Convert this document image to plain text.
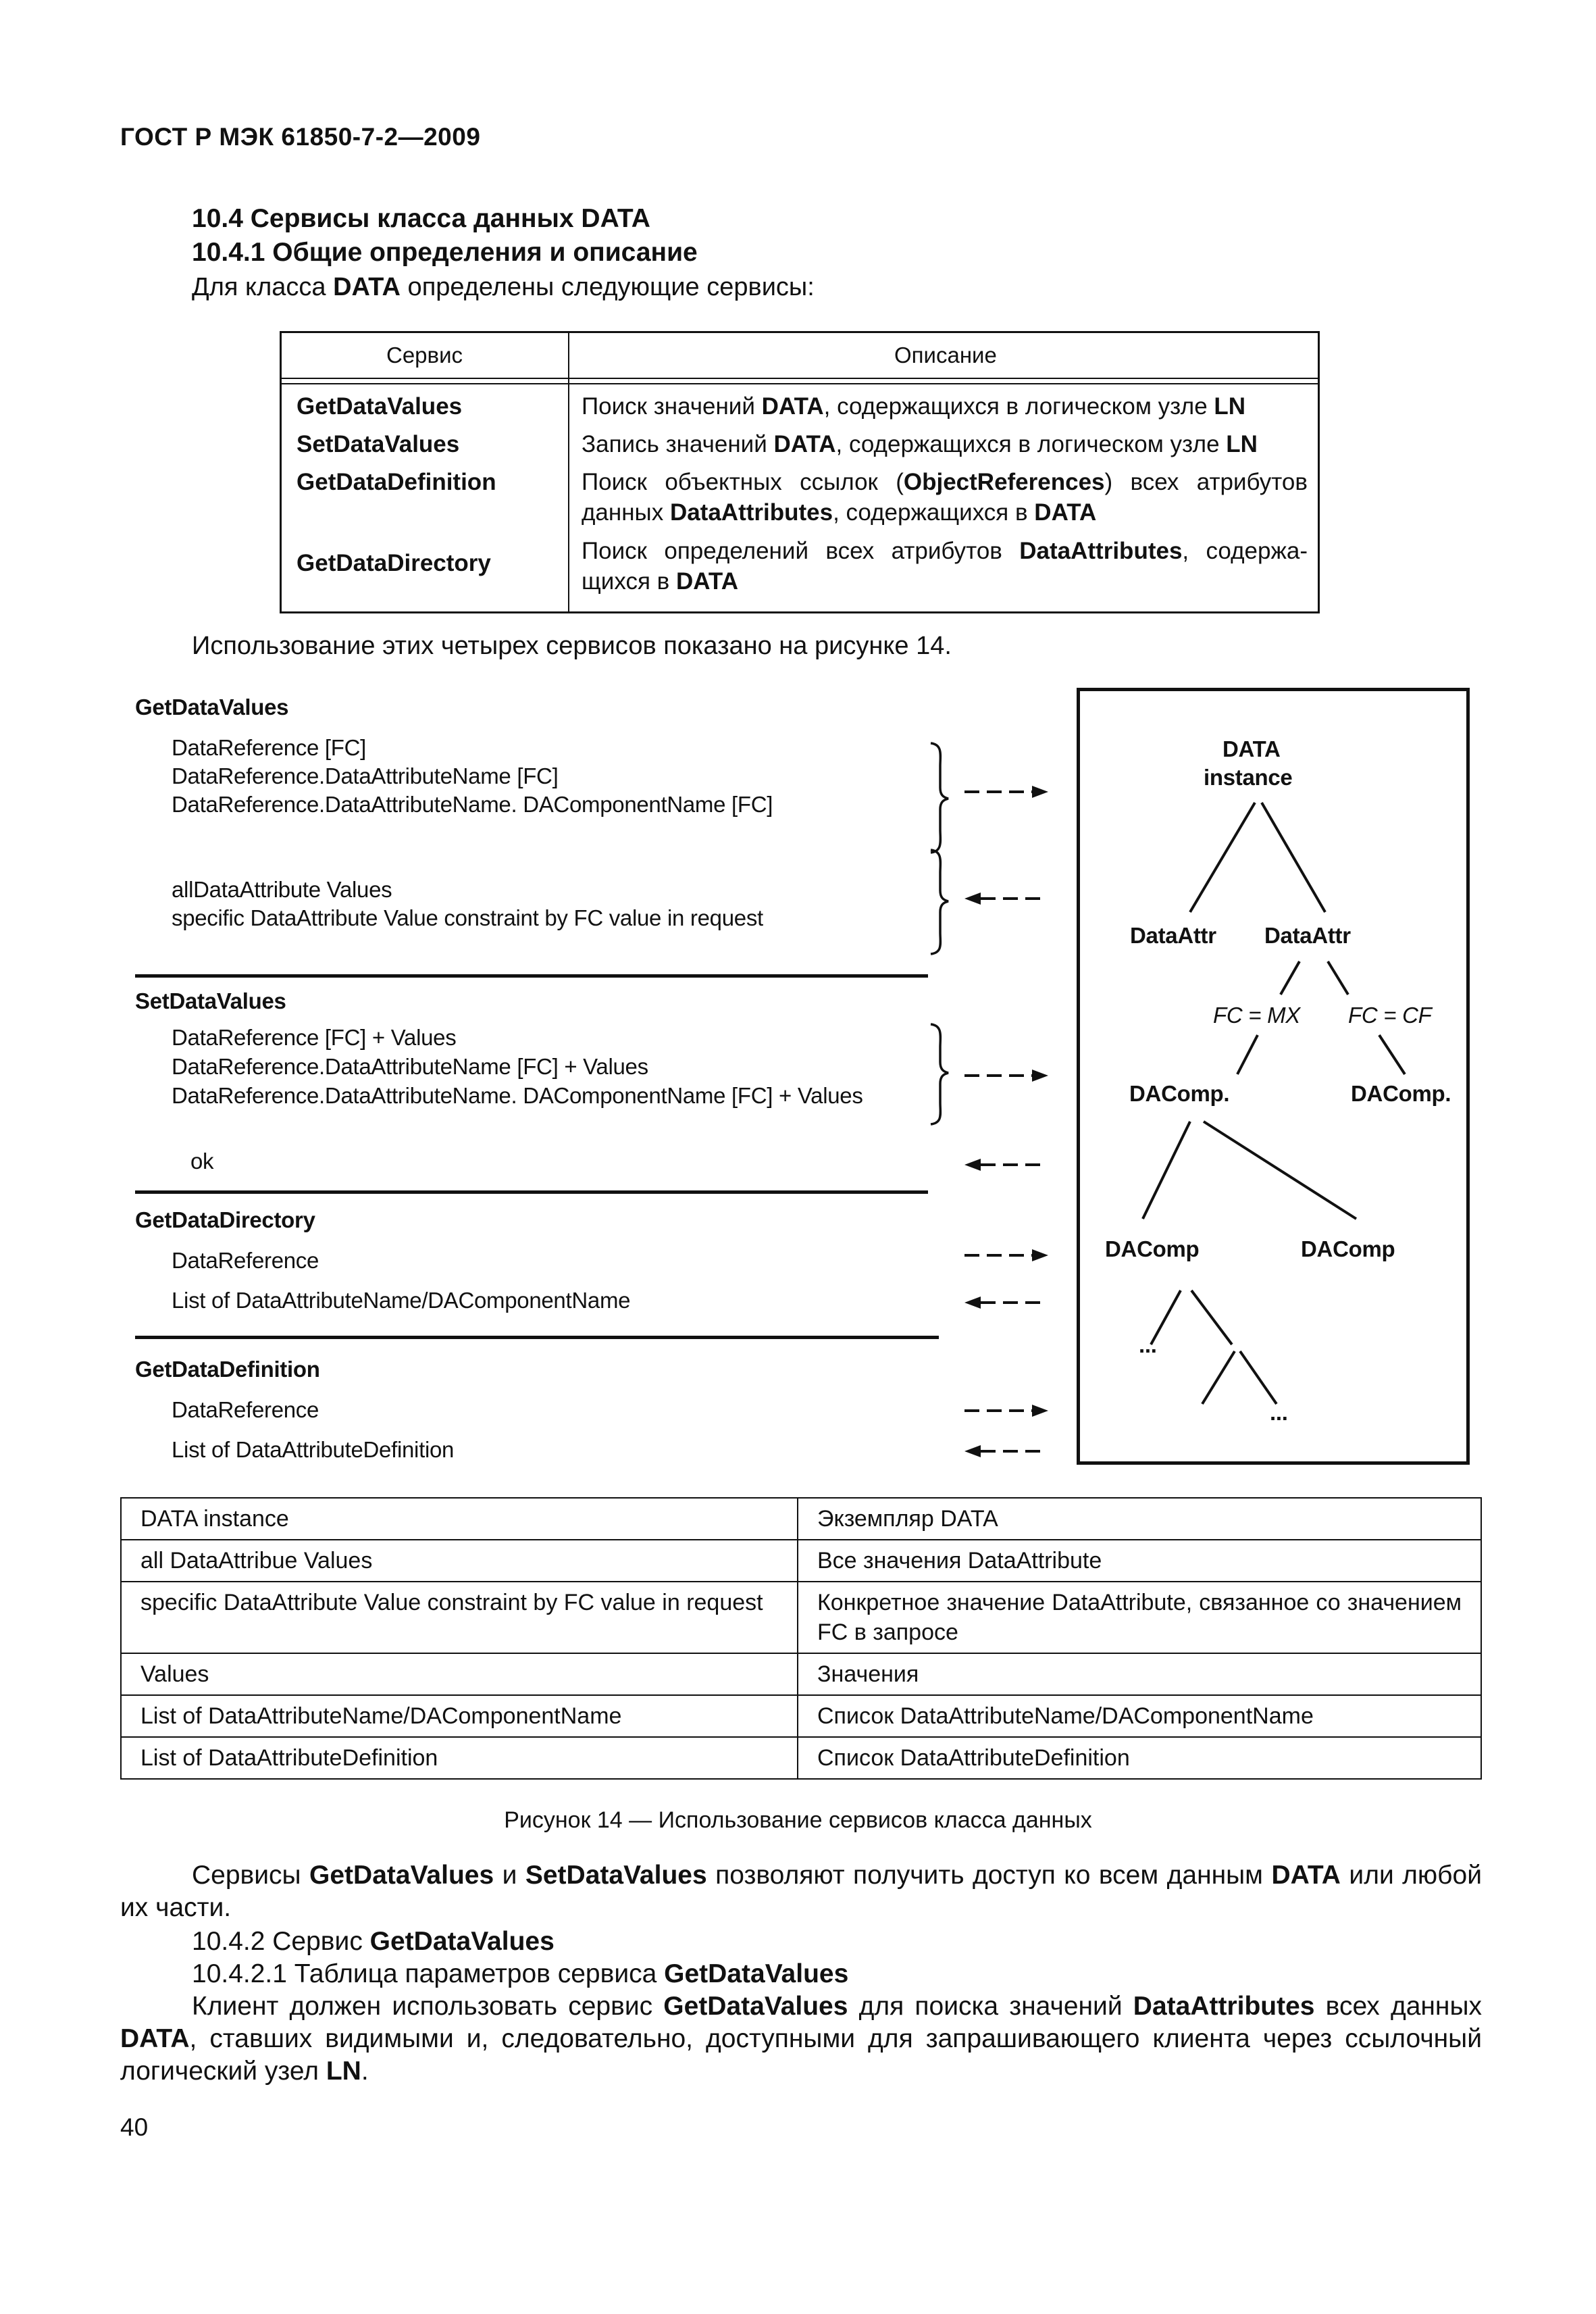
ГОСТ Р МЭК 61850-7-2—2009
10.4 Сервисы класса данных DATA
10.4.1 Общие определения и описание
Для класса DATA определены следующие сервисы:
Сервис	Описание
GetDataValues	Поиск значений DATA, содержащихся в логическом узле LN
SetDataValues	Запись значений DATA, содержащихся в логическом узле LN
GetDataDefinition	Поиск объектных ссылок (ObjectReferences) всех атрибутов данных DataAttributes, содержащихся в DATA
GetDataDirectory	Поиск определений всех атрибутов DataAttributes, содержащихся в DATA
Использование этих четырех сервисов показано на рисунке 14.
GetDataValues
DataReference [FC]
DataReference.DataAttributeName [FC]
DataReference.DataAttributeName. DAComponentName [FC]
allDataAttribute Values
specific DataAttribute Value constraint by FC value in request
SetDataValues
DataReference [FC] + Values
DataReference.DataAttributeName [FC] + Values
DataReference.DataAttributeName. DAComponentName [FC] + Values
ok
GetDataDirectory
DataReference
List of DataAttributeName/DAComponentName
GetDataDefinition
DataReference
List of DataAttributeDefinition
DATA
instance
DataAttr DataAttr
FC = MX FC = CF
DAComp.	DAComp.
DAComp	DAComp
...
...
DATA instance	Экземпляр DATA
all DataAttribue Values	Все значения DataAttribute
specific DataAttribute Value constraint by FC value in request	Конкретное значение DataAttribute, связанное со значением FC в запросе
Values	Значения
List of DataAttributeName/DAComponentName	Список DataAttributeName/DAComponentName
List of DataAttributeDefinition	Список DataAttributeDefinition
Рисунок 14 — Использование сервисов класса данных
Сервисы GetDataValues и SetDataValues позволяют получить доступ ко всем данным DATA или любой их части.
10.4.2 Сервис GetDataValues
10.4.2.1 Таблица параметров сервиса GetDataValues
Клиент должен использовать сервис GetDataValues для поиска значений DataAttributes всех данных DATA, ставших видимыми и, следовательно, доступными для запрашивающего клиента через ссылочный логический узел LN.
40
